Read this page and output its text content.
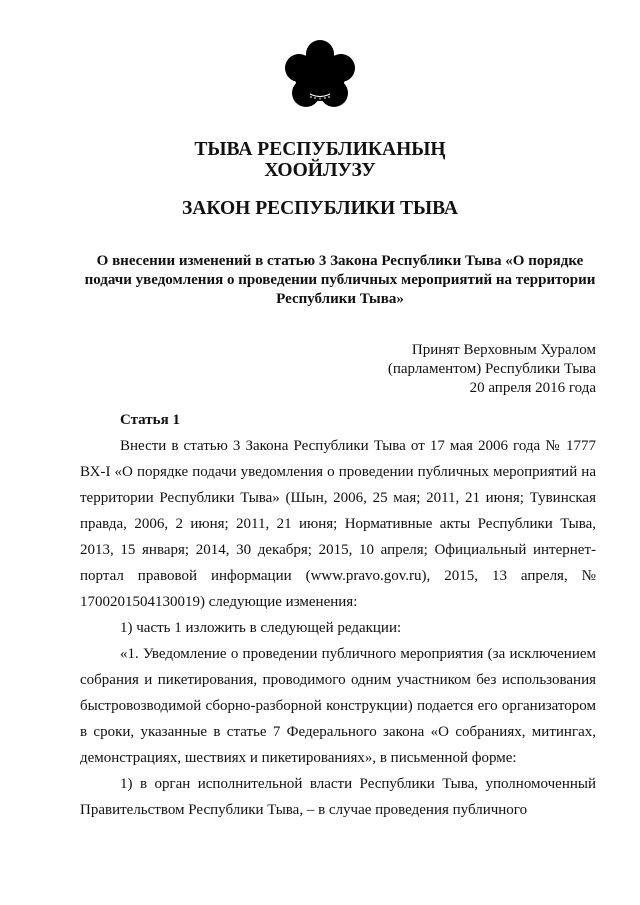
ТЫВА РЕСПУБЛИКАНЫҢ
ХООЙЛУЗУ
ЗАКОН РЕСПУБЛИКИ ТЫВА
О внесении изменений в статью 3 Закона Республики Тыва «О порядке подачи уведомления о проведении публичных мероприятий на территории Республики Тыва»
Принят Верховным Хуралом
(парламентом) Республики Тыва
20 апреля 2016 года
Статья 1

Внести в статью 3 Закона Республики Тыва от 17 мая 2006 года № 1777 ВХ-I «О порядке подачи уведомления о проведении публичных мероприятий на территории Республики Тыва» (Шын, 2006, 25 мая; 2011, 21 июня; Тувинская правда, 2006, 2 июня; 2011, 21 июня; Нормативные акты Республики Тыва, 2013, 15 января; 2014, 30 декабря; 2015, 10 апреля; Официальный интернет-портал правовой информации (www.pravo.gov.ru), 2015, 13 апреля, № 1700201504130019) следующие изменения:

1) часть 1 изложить в следующей редакции:

«1. Уведомление о проведении публичного мероприятия (за исключением собрания и пикетирования, проводимого одним участником без использования быстровозводимой сборно-разборной конструкции) подается его организатором в сроки, указанные в статье 7 Федерального закона «О собраниях, митингах, демонстрациях, шествиях и пикетированиях», в письменной форме:

1) в орган исполнительной власти Республики Тыва, уполномоченный Правительством Республики Тыва, – в случае проведения публичного
